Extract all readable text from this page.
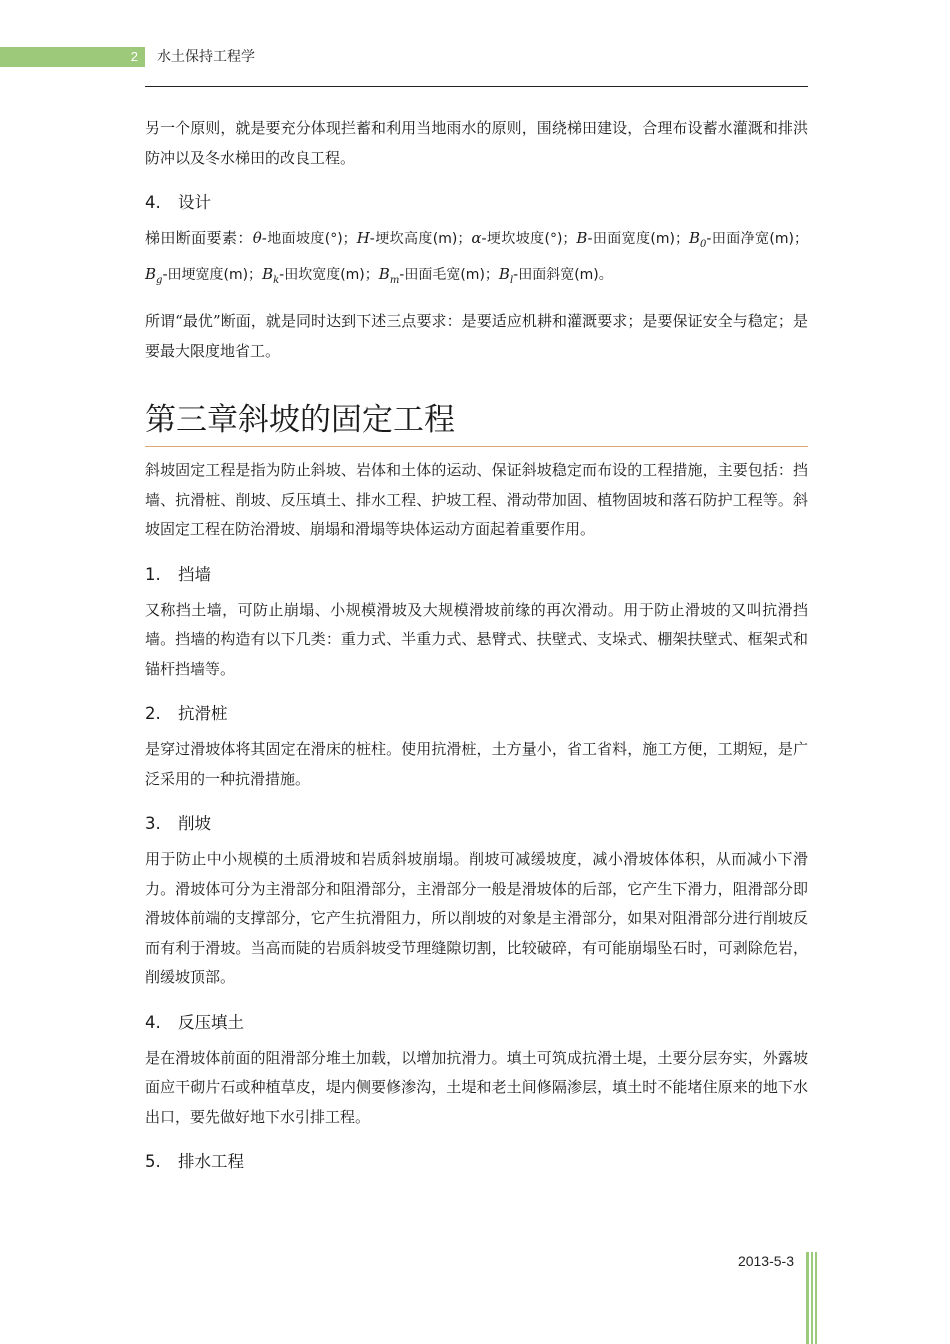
2 水土保持工程学

另一个原则，就是要充分体现拦蓄和利用当地雨水的原则，围绕梯田建设，合理布设蓄水灌溉和排洪防冲以及冬水梯田的改良工程。

4. 设计

梯田断面要素：θ-地面坡度(°)；H-埂坎高度(m)；α-埂坎坡度(°)；B-田面宽度(m)；$B_0-$田面净宽(m)；$B_g-$田埂宽度(m)；$B_k-$田坎宽度(m)；$B_m-$田面毛宽(m)；$B_l-$田面斜宽(m)。

所谓“最优”断面，就是同时达到下述三点要求：是要适应机耕和灌溉要求；是要保证安全与稳定；是要最大限度地省工。

第三章斜坡的固定工程

斜坡固定工程是指为防止斜坡、岩体和土体的运动、保证斜坡稳定而布设的工程措施，主要包括：挡墙、抗滑桩、削坡、反压填土、排水工程、护坡工程、滑动带加固、植物固坡和落石防护工程等。斜坡固定工程在防治滑坡、崩塌和滑塌等块体运动方面起着重要作用。

1. 挡墙

又称挡土墙，可防止崩塌、小规模滑坡及大规模滑坡前缘的再次滑动。用于防止滑坡的又叫抗滑挡墙。挡墙的构造有以下几类：重力式、半重力式、悬臂式、扶壁式、支垛式、棚架扶壁式、框架式和锚杆挡墙等。

2. 抗滑桩

是穿过滑坡体将其固定在滑床的桩柱。使用抗滑桩，土方量小，省工省料，施工方便，工期短，是广泛采用的一种抗滑措施。

3. 削坡

用于防止中小规模的土质滑坡和岩质斜坡崩塌。削坡可减缓坡度，减小滑坡体体积，从而减小下滑力。滑坡体可分为主滑部分和阻滑部分，主滑部分一般是滑坡体的后部，它产生下滑力，阻滑部分即滑坡体前端的支撑部分，它产生抗滑阻力，所以削坡的对象是主滑部分，如果对阻滑部分进行削坡反而有利于滑坡。当高而陡的岩质斜坡受节理缝隙切割，比较破碎，有可能崩塌坠石时，可剥除危岩，削缓坡顶部。

4. 反压填土

是在滑坡体前面的阻滑部分堆土加载，以增加抗滑力。填土可筑成抗滑土堤，土要分层夯实，外露坡面应干砌片石或种植草皮，堤内侧要修渗沟，土堤和老土间修隔渗层，填土时不能堵住原来的地下水出口，要先做好地下水引排工程。

5. 排水工程
2013-5-3
